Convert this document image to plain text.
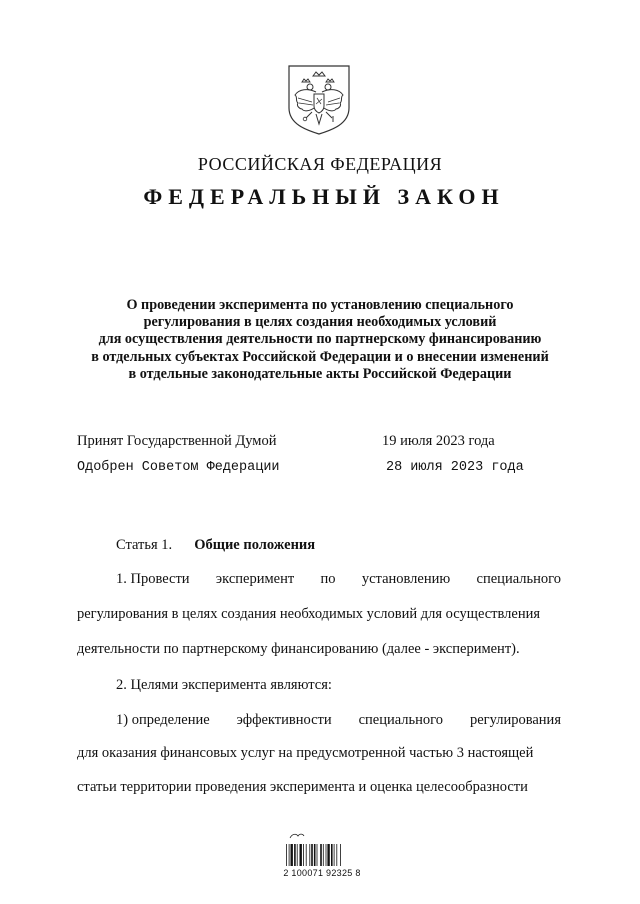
РОССИЙСКАЯ ФЕДЕРАЦИЯ
ФЕДЕРАЛЬНЫЙ ЗАКОН
О проведении эксперимента по установлению специального
регулирования в целях создания необходимых условий
для осуществления деятельности по партнерскому финансированию
в отдельных субъектах Российской Федерации и о внесении изменений
в отдельные законодательные акты Российской Федерации
Принят Государственной Думой	19 июля 2023 года
Одобрен Советом Федерации	28 июля 2023 года
Статья 1. Общие положения
1. Провести эксперимент по установлению специального
регулирования в целях создания необходимых условий для осуществления
деятельности по партнерскому финансированию (далее - эксперимент).
2. Целями эксперимента являются:
1) определение эффективности специального регулирования
для оказания финансовых услуг на предусмотренной частью 3 настоящей
статьи территории проведения эксперимента и оценка целесообразности
2 100071 92325 8
